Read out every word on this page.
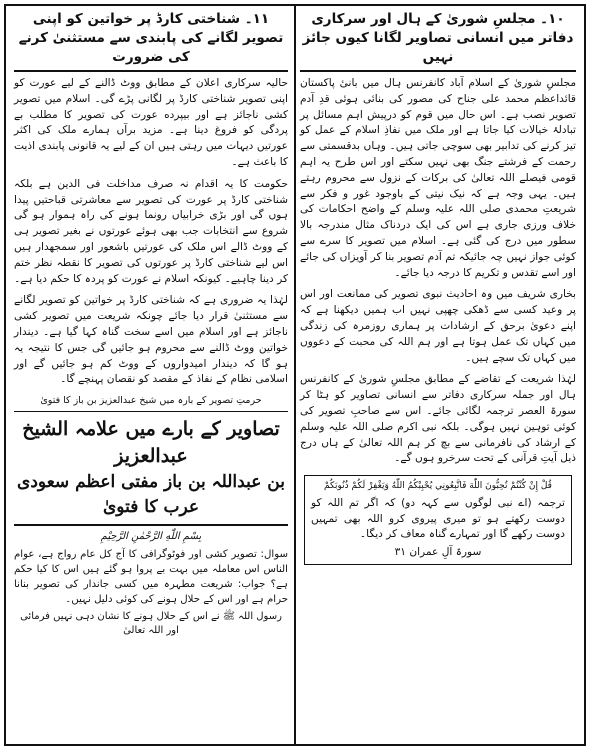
١٠۔ مجلسِ شوریٰ کے ہال اور سرکاری دفاتر میں انسانی تصاویر لگانا کیوں جائز نہیں

مجلسِ شوریٰ کے اسلام آباد کانفرنس ہال میں بانیٔ پاکستان قائداعظم محمد علی جناح کی مصور کی بنائی ہوئی قدِ آدم تصویر نصب ہے۔ اس حال میں قوم کو درپیش اہم مسائل پر تبادلۂ خیالات کیا جاتا ہے اور ملک میں نفاذِ اسلام کے عمل کو تیز کرنے کی تدابیر بھی سوچی جاتی ہیں۔ وہاں بدقسمتی سے رحمت کے فرشتے جنگ بھی نہیں سکتے اور اس طرح یہ اہم قومی فیصلے اللہ تعالیٰ کی برکات کے نزول سے محروم رہتے ہیں۔ یہی وجہ ہے کہ نیک نیتی کے باوجود غور و فکر سے شریعتِ محمدی صلی اللہ علیہ وسلم کے واضح احکامات کی خلاف ورزی جاری ہے اس کی ایک دردناک مثال مندرجہ بالا سطور میں درج کی گئی ہے۔ اسلام میں تصویر کا سرے سے کوئی جواز نہیں چہ جائیکہ تم آدم تصویر بنا کر آویزاں کی جائے اور اسے تقدس و تکریم کا درجہ دیا جائے۔

بخاری شریف میں وہ احادیث نبوی تصویر کی ممانعت اور اس پر وعید کسی سے ڈھکی چھپی نہیں اب ہمیں دیکھنا ہے کہ اپنے دعویٰ برحق کے ارشادات پر ہماری روزمرہ کی زندگی میں کہاں تک عمل ہوتا ہے اور ہم اللہ کی محبت کے دعووں میں کہاں تک سچے ہیں۔

لہٰذا شریعت کے تقاضے کے مطابق مجلسِ شوریٰ کے کانفرنس ہال اور جملہ سرکاری دفاتر سے انسانی تصاویر کو ہٹا کر سورۃ العصر ترجمہ لگائی جائے۔ اس سے صاحبِ تصویر کی کوئی توہین نہیں ہوگی۔ بلکہ نبی اکرم صلی اللہ علیہ وسلم کے ارشاد کی نافرمانی سے بچ کر ہم اللہ تعالیٰ کے ہاں درج ذیل آیتِ قرآنی کے تحت سرخرو ہوں گے۔

قُلْ إِنْ كُنْتُمْ تُحِبُّونَ اللّٰهَ فَاتَّبِعُونِي يُحْبِبْكُمُ اللّٰهُ وَيَغْفِرْ لَكُمْ ذُنُوبَكُمْ

ترجمہ (اے نبی لوگوں سے کہہ دو) کہ اگر تم اللہ کو دوست رکھتے ہو تو میری پیروی کرو اللہ بھی تمہیں دوست رکھے گا اور تمہارے گناہ معاف کر دیگا۔

سورۃ آلِ عمران ۳۱

۱۱۔ شناختی کارڈ پر خواتین کو اپنی تصویر لگانے کی پابندی سے مستثنیٰ کرنے کی ضرورت

حالیہ سرکاری اعلان کے مطابق ووٹ ڈالنے کے لیے عورت کو اپنی تصویر شناختی کارڈ پر لگانی پڑے گی۔ اسلام میں تصویر کشی ناجائز ہے اور بیپرده عورت کی تصویر کا مطلب بے پردگی کو فروغ دینا ہے۔ مزید برآں ہمارے ملک کی اکثر عورتیں دیہات میں رہتی ہیں ان کے لیے یہ قانونی پابندی اذیت کا باعث ہے۔

حکومت کا یہ اقدام نہ صرف مداخلت فی الدین ہے بلکہ شناختی کارڈ پر عورت کی تصویر سے معاشرتی قباحتیں پیدا ہوں گی اور بڑی خرابیاں رونما ہونے کی راہ ہموار ہو گی شروع سے انتخابات جب بھی ہوئے عورتوں نے بغیر تصویر ہی کے ووٹ ڈالے اس ملک کی عورتیں باشعور اور سمجھدار ہیں اس لیے شناختی کارڈ پر عورتوں کی تصویر کا نقطہ نظر ختم کر دینا چاہیے۔ کیونکہ اسلام نے عورت کو پردہ کا حکم دیا ہے۔

لہٰذا یہ ضروری ہے کہ شناختی کارڈ پر خواتین کو تصویر لگانے سے مستثنیٰ قرار دیا جائے چونکہ شریعت میں تصویر کشی ناجائز ہے اور اسلام میں اسے سخت گناہ کہا گیا ہے۔ دیندار خواتین ووٹ ڈالنے سے محروم ہو جائیں گی جس کا نتیجہ یہ ہو گا کہ دیندار امیدواروں کے ووٹ کم ہو جائیں گے اور اسلامی نظام کے نفاذ کے مقصد کو نقصان پہنچے گا۔

حرمتِ تصویر کے بارہ میں شیخ عبدالعزیز بن باز کا فتویٰ
تصاویر کے بارے میں علامہ الشیخ عبدالعزیز
بن عبداللہ بن باز مفتی اعظم سعودی عرب کا فتویٰ
بِسْمِ اللّٰهِ الرَّحْمٰنِ الرَّحِيْمِ

سوال: تصویر کشی اور فوٹوگرافی کا آج کل عام رواج ہے، عوام الناس اس معاملہ میں بہت بے پروا ہو گئے ہیں اس کا کیا حکم ہے؟ جواب: شریعت مطہرہ میں کسی جاندار کی تصویر بنانا حرام ہے اور اس کے حلال ہونے کی کوئی دلیل نہیں۔

رسول اللہ ﷺ نے اس کے حلال ہونے کا نشان دہی نہیں فرمائی اور اللہ تعالیٰ
